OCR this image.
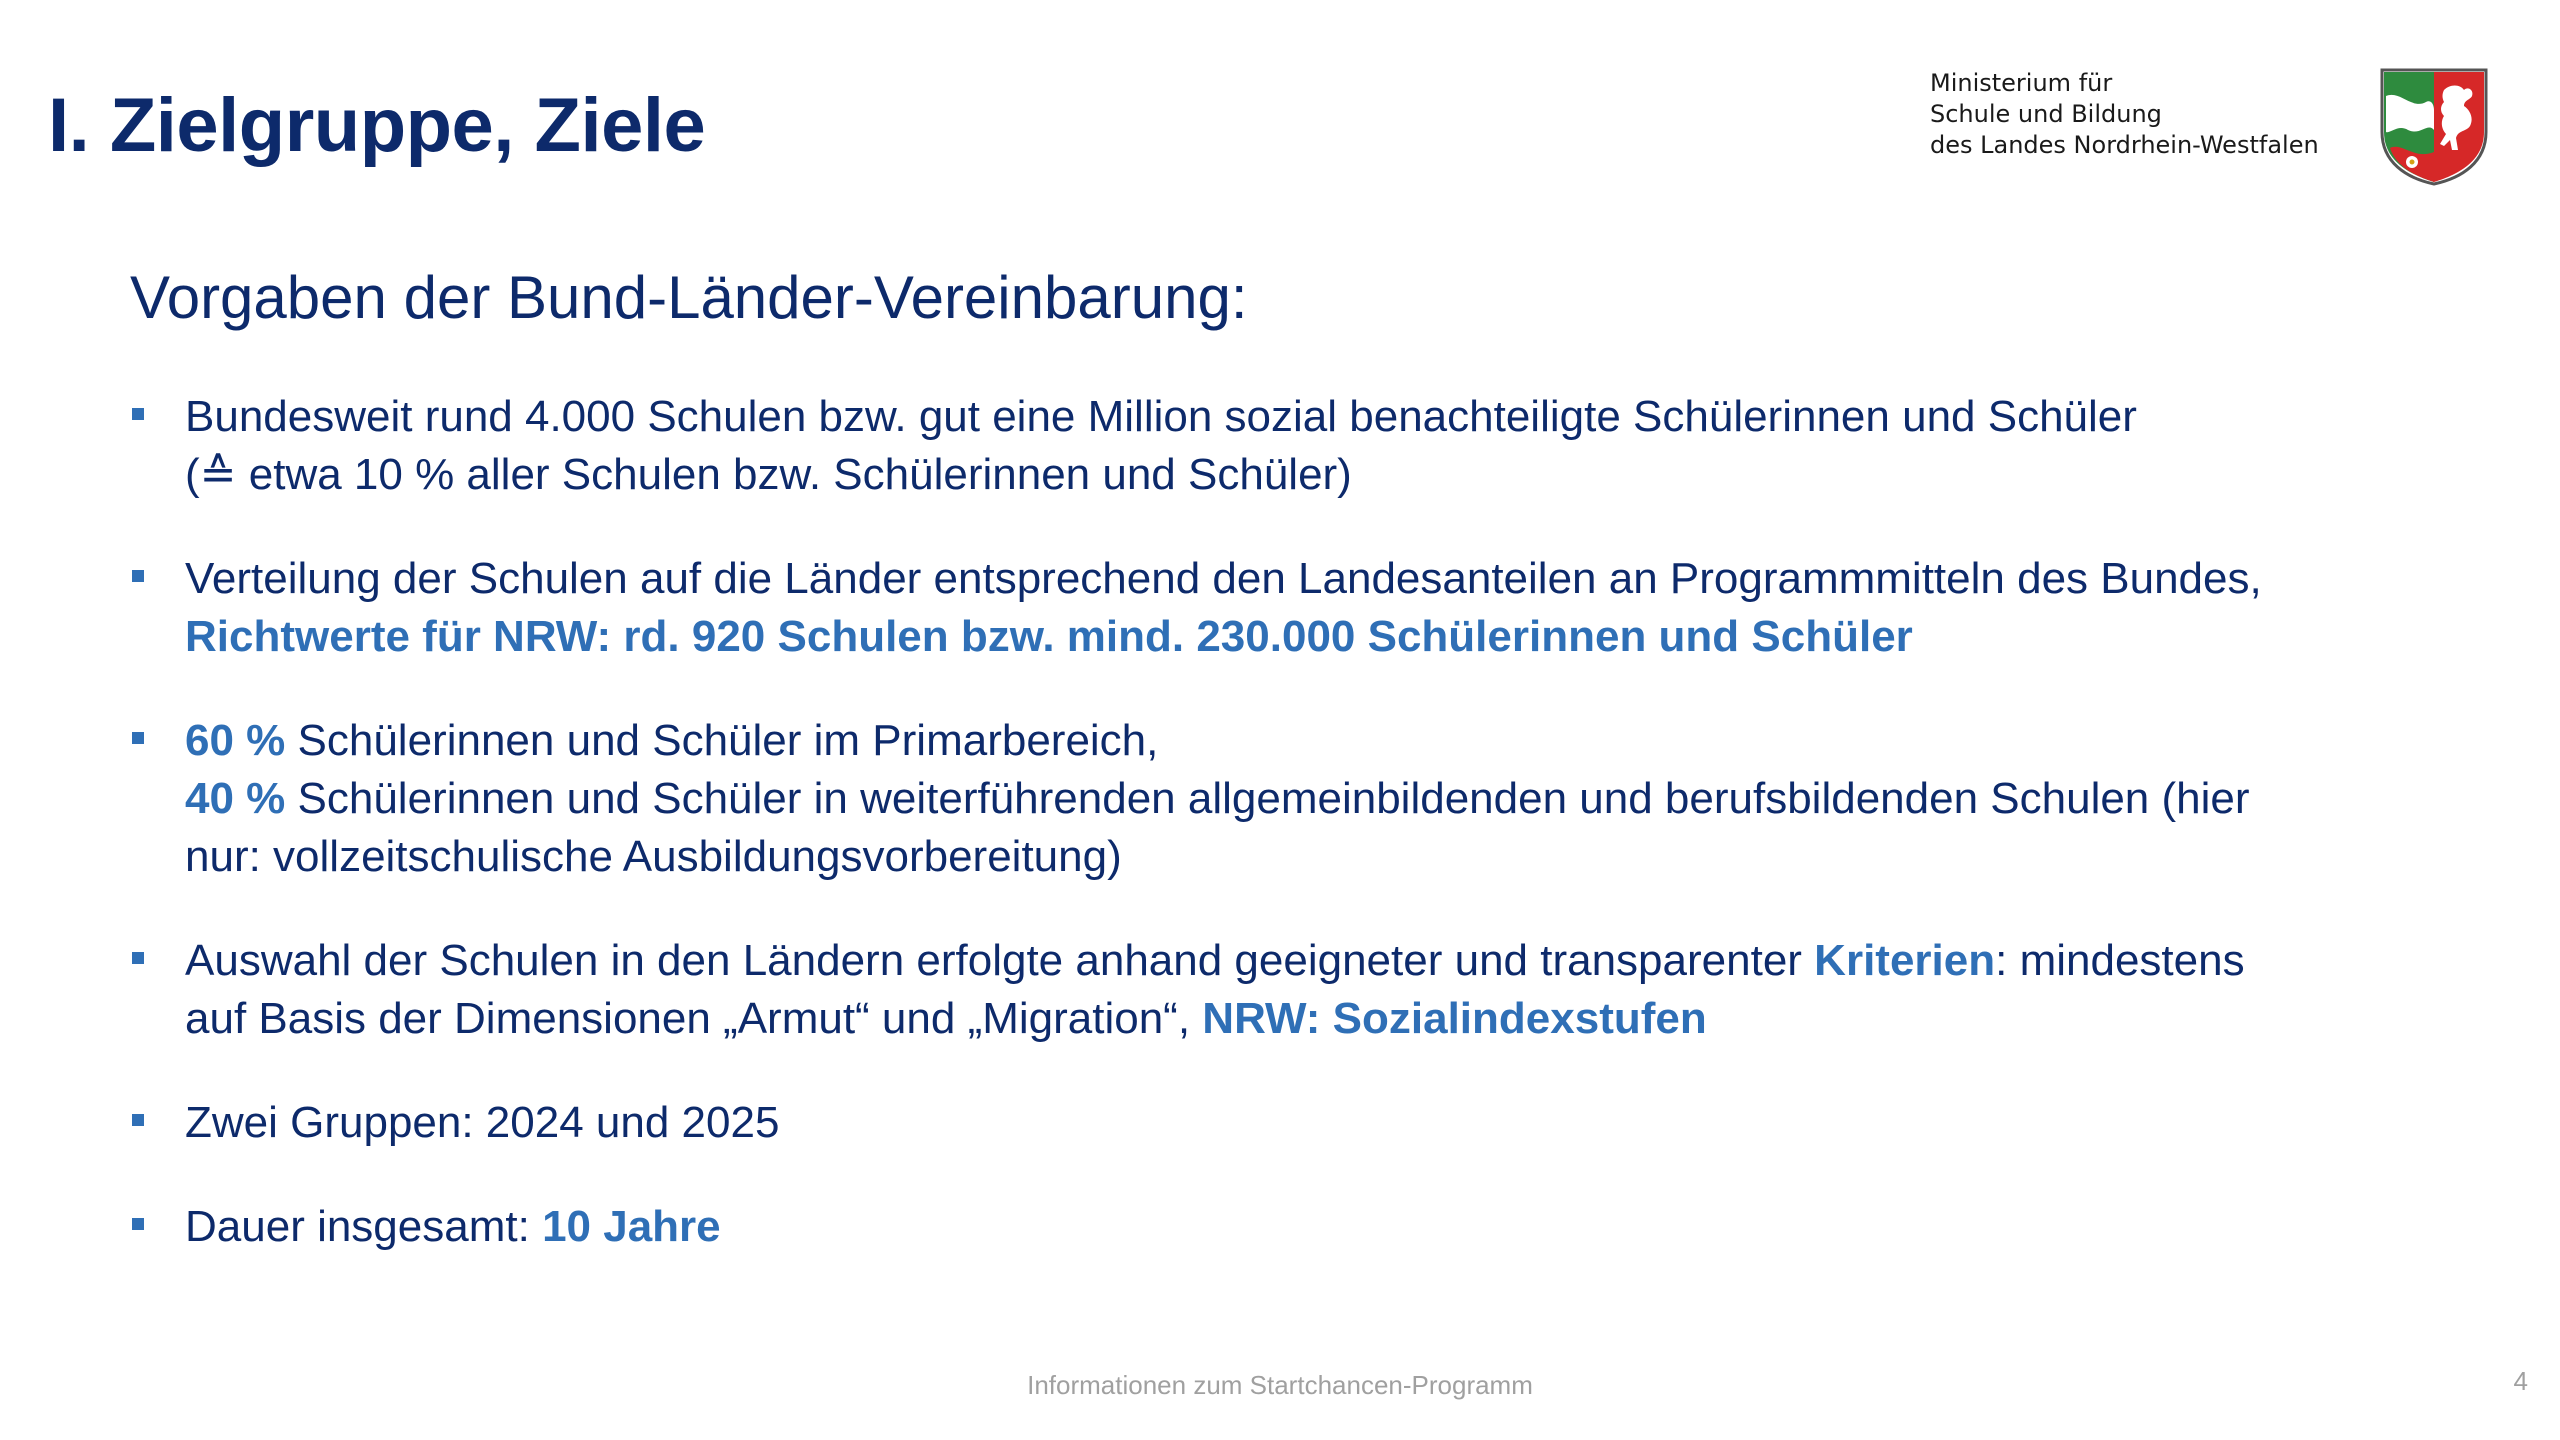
I. Zielgruppe, Ziele	Ministerium für
Schule und Bildung
des Landes Nordrhein-Westfalen
Vorgaben der Bund-Länder-Vereinbarung:
Bundesweit rund 4.000 Schulen bzw. gut eine Million sozial benachteiligte Schülerinnen und Schüler
(≙ etwa 10 % aller Schulen bzw. Schülerinnen und Schüler)
Verteilung der Schulen auf die Länder entsprechend den Landesanteilen an Programmmitteln des Bundes,
Richtwerte für NRW: rd. 920 Schulen bzw. mind. 230.000 Schülerinnen und Schüler
60 % Schülerinnen und Schüler im Primarbereich,
40 % Schülerinnen und Schüler in weiterführenden allgemeinbildenden und berufsbildenden Schulen (hier
nur: vollzeitschulische Ausbildungsvorbereitung)
Auswahl der Schulen in den Ländern erfolgte anhand geeigneter und transparenter Kriterien: mindestens
auf Basis der Dimensionen „Armut“ und „Migration“, NRW: Sozialindexstufen
Zwei Gruppen: 2024 und 2025
Dauer insgesamt: 10 Jahre
Informationen zum Startchancen-Programm	4
